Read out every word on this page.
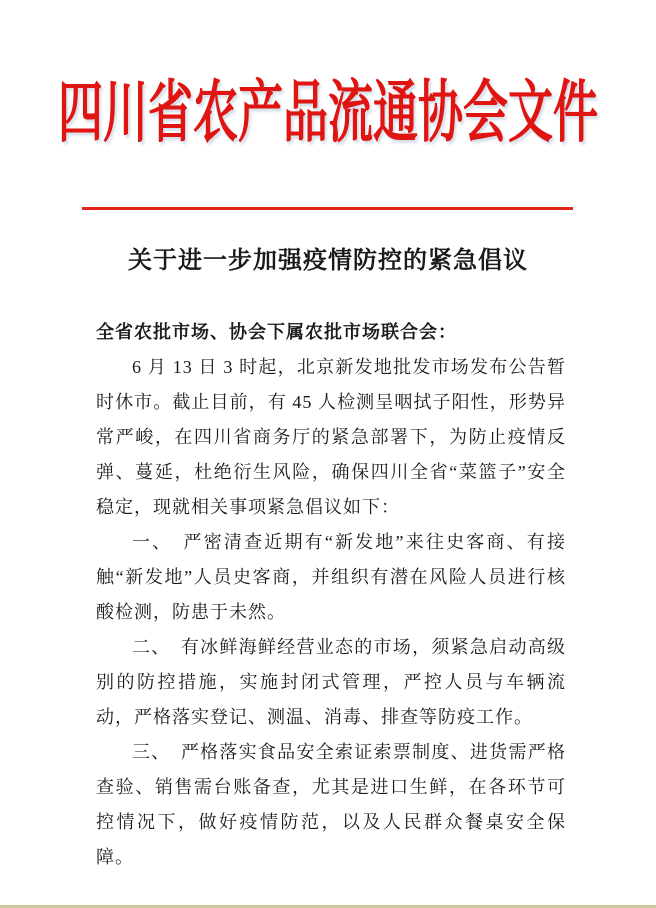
四川省农产品流通协会文件
关于进一步加强疫情防控的紧急倡议

全省农批市场、协会下属农批市场联合会：

6 月 13 日 3 时起，北京新发地批发市场发布公告暂时休市。截止目前，有 45 人检测呈咽拭子阳性，形势异常严峻，在四川省商务厅的紧急部署下，为防止疫情反弹、蔓延，杜绝衍生风险，确保四川全省“菜篮子”安全稳定，现就相关事项紧急倡议如下：

一、　严密清查近期有“新发地”来往史客商、有接触“新发地”人员史客商，并组织有潜在风险人员进行核酸检测，防患于未然。

二、　有冰鲜海鲜经营业态的市场，须紧急启动高级别的防控措施，实施封闭式管理，严控人员与车辆流动，严格落实登记、测温、消毒、排查等防疫工作。

三、　严格落实食品安全索证索票制度、进货需严格查验、销售需台账备查，尤其是进口生鲜，在各环节可控情况下，做好疫情防范，以及人民群众餐桌安全保障。
